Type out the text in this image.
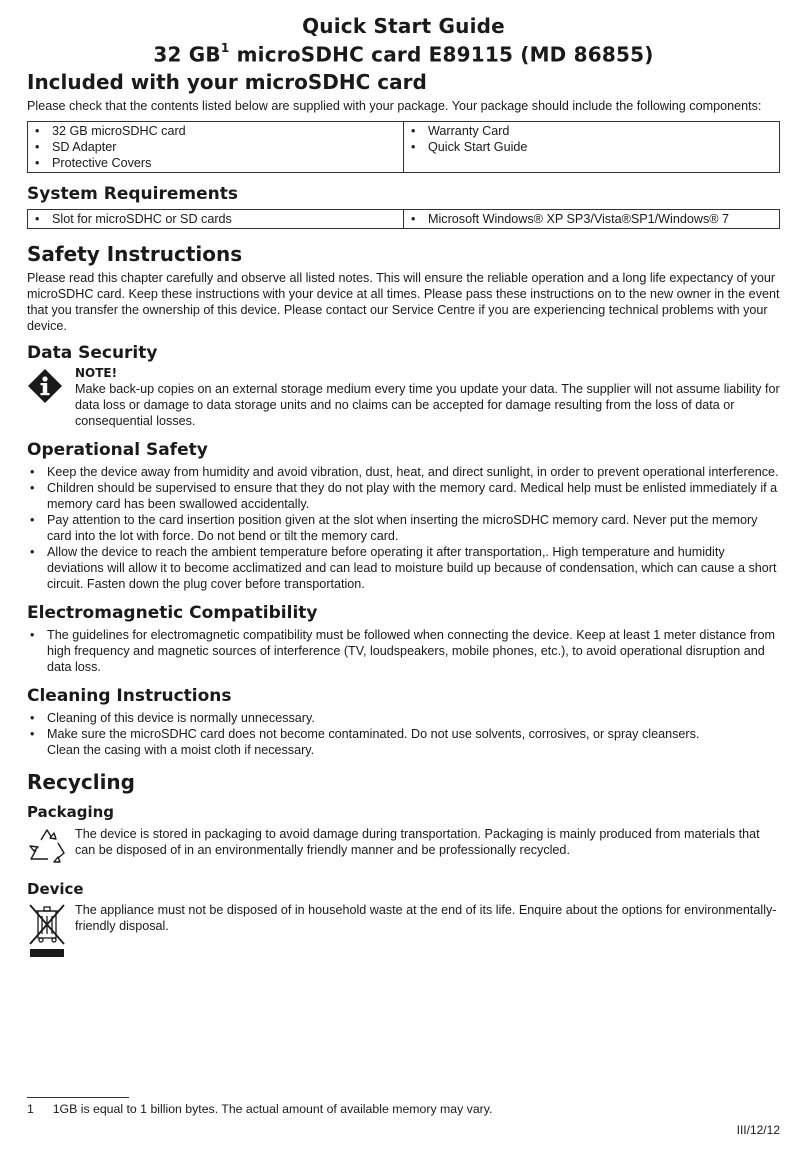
Quick Start Guide
32 $GB^1$ microSDHC card E89115 (MD 86855)
Included with your microSDHC card

Please check that the contents listed below are supplied with your package. Your package should include the following components:

• 32 GB microSDHC card
• SD Adapter
• Protective Covers

• Warranty Card
• Quick Start Guide
System Requirements
• Slot for microSDHC or SD cards

•Microsoft Windows® XP SP3/Vista®SP1/Windows® 7
Safety Instructions

Please read this chapter carefully and observe all listed notes. This will ensure the reliable operation and a long life expectancy of your microSDHC card. Keep these instructions with your device at all times. Please pass these instructions on to the new owner in the event that you transfer the ownership of this device. Please contact our Service Centre if you are experiencing technical problems with your device.

Data Security
NOTE!

Make back-up copies on an external storage medium every time you update your data. The supplier will not assume liability for data loss or damage to data storage units and no claims can be accepted for damage resulting from the loss of data or consequential losses.

Operational Safety
• Keep the device away from humidity and avoid vibration, dust, heat, and direct sunlight, in order to prevent operational interference.
• Children should be supervised to ensure that they do not play with the memory card. Medical help must be enlisted immediately if a memory card has been swallowed accidentally.
• Pay attention to the card insertion position given at the slot when inserting the microSDHC memory card. Never put the memory card into the lot with force. Do not bend or tilt the memory card.
• Allow the device to reach the ambient temperature before operating it after transportation,. High temperature and humidity deviations will allow it to become acclimatized and can lead to moisture build up because of condensation, which can cause a short circuit. Fasten down the plug cover before transportation.
Electromagnetic Compatibility
• The guidelines for electromagnetic compatibility must be followed when connecting the device. Keep at least 1 meter distance from high frequency and magnetic sources of interference (TV, loudspeakers, mobile phones, etc.), to avoid operational disruption and data loss.
Cleaning Instructions
• Cleaning of this device is normally unnecessary.
• Make sure the microSDHC card does not become contaminated. Do not use solvents, corrosives, or spray cleansers.
Clean the casing with a moist cloth if necessary.
Recycling
Packaging

The device is stored in packaging to avoid damage during transportation. Packaging is mainly produced from materials that can be disposed of in an environmentally friendly manner and be professionally recycled.

Device

The appliance must not be disposed of in household waste at the end of its life. Enquire about the options for environmentally-friendly disposal.

1 1GB is equal to 1 billion bytes. The actual amount of available memory may vary.
III/12/12
